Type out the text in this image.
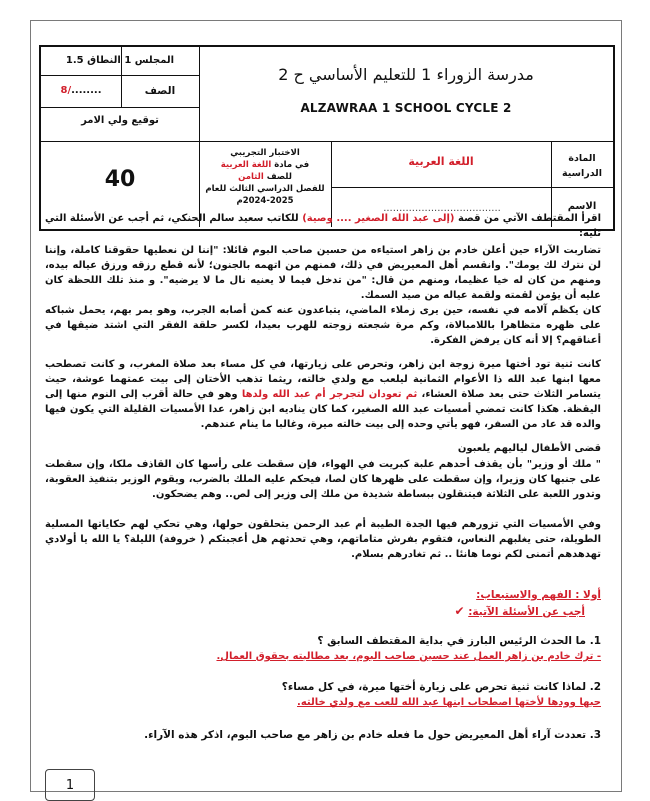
مدرسة الزوراء 1 للتعليم الأساسي ح 2
ALZAWRAA 1 SCHOOL CYCLE 2
المجلس 1 النطاق 1.5
الصف
8/........
توقيع ولي الامر
40
الاختبار التجريبي
في مادة اللغة العربية
للصف الثامن
للفصل الدراسي الثالث للعام
2024-2025م
المادة
الدراسية
اللغة العربية
الاسم
.....................................
اقرأ المقتطف الآتي من قصة (إلى عبد الله الصغير .... وصية) للكاتب سعيد سالم الحنكي، ثم أجب عن الأسئلة التي تليه:
تضاربت الآراء حين أعلن خادم بن زاهر استياءه من حسين صاحب البوم قائلا: "إننا لن نعطيها حقوقنا كاملة، وإننا لن نترك لك يومك". وانقسم أهل المعيريض في ذلك، فمنهم من اتهمه بالجنون؛ لأنه قطع رزقه ورزق عياله بيده، ومنهم من كان له خيا عظيما، ومنهم من قال: "من تدخل فيما لا يعنيه نال ما لا يرضيه". و منذ تلك اللحظة كان عليه أن يؤمن لقمته ولقمة عياله من صيد السمك.
كان يكظم آلامه في نفسه، حين يرى زملاء الماضي، يتباعدون عنه كمن أصابه الجرب، وهو يمر بهم، يحمل شباكه على ظهره متظاهرا باللامبالاة، وكم مرة شجعته زوجته للهرب بعيدا، لكسر حلقة الفقر التي اشتد ضيقها في أعناقهم؟ إلا أنه كان يرفض الفكرة.
كانت ثنية تود أختها ميرة زوجة ابن زاهر، وتحرص على زيارتها، في كل مساء بعد صلاة المغرب، و كانت تصطحب معها ابنها عبد الله ذا الأعوام الثمانية ليلعب مع ولدي خالته، ريثما تذهب الأختان إلى بيت عمتهما عوشة، حيث يتسامر الثلاث حتى بعد صلاة العشاء، ثم تعودان لتجرجر أم عبد الله ولدها وهو في حالة أقرب إلى النوم منها إلى اليقظة. هكذا كانت تمضي أمسيات عبد الله الصغير، كما كان يناديه ابن زاهر، عدا الأمسيات القليلة التي يكون فيها والده قد عاد من السفر، فهو يأتي وحده إلى بيت خالته ميرة، وغالبا ما ينام عندهم.
قضى الأطفال لياليهم يلعبون
" ملك أو وزير" بأن يقذف أحدهم علبة كبريت في الهواء، فإن سقطت على رأسها كان القاذف ملكا، وإن سقطت على جنبها كان وزيرا، وإن سقطت على ظهرها كان لصا، فيحكم عليه الملك بالضرب، ويقوم الوزير بتنفيذ العقوبة، وتدور اللعبة على الثلاثة فيتنقلون ببساطة شديدة من ملك إلى وزير إلى لص.. وهم يضحكون.
وفي الأمسيات التي تزورهم فيها الجدة الطيبة أم عبد الرحمن يتحلقون حولها، وهي تحكي لهم حكاياتها المسلية الطويلة، حتى يغلبهم النعاس، فتقوم بفرش متاماتهم، وهي تحدثهم هل أعجبتكم ( خروفة) الليلة؟ يا الله يا أولادي تهدهدهم أتمنى لكم نوما هانئا .. ثم تغادرهم بسلام.
أولا : الفهم والاستيعاب:
أجب عن الأسئلة الآتية: ✔
1. ما الحدث الرئيس البارز في بداية المقتطف السابق ؟
- ترك خادم بن زاهر العمل عند حسين صاحب البوم، بعد مطالبته بحقوق العمال.
2. لماذا كانت ثنية تحرص على زيارة أختها ميرة، في كل مساء؟
حبها وودها لأختها اصطحاب ابنها عبد الله للعب مع ولدي خالته.
3. تعددت آراء أهل المعيريض حول ما فعله خادم بن زاهر مع صاحب البوم، اذكر هذه الآراء.
1
